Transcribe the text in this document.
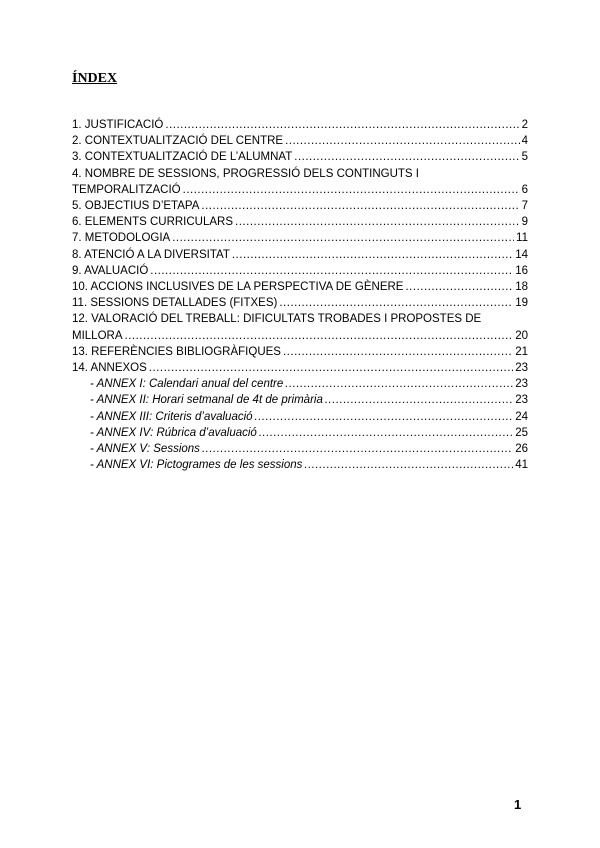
ÍNDEX
1. JUSTIFICACIÓ .....	2
2. CONTEXTUALITZACIÓ DEL CENTRE .....	4
3. CONTEXTUALITZACIÓ DE L’ALUMNAT .....	5
4. NOMBRE DE SESSIONS, PROGRESSIÓ DELS CONTINGUTS I
TEMPORALITZACIÓ .....	6
5. OBJECTIUS D’ETAPA .....	7
6. ELEMENTS CURRICULARS .....	9
7. METODOLOGIA .....	11
8. ATENCIÓ A LA DIVERSITAT .....	14
9. AVALUACIÓ .....	16
10. ACCIONS INCLUSIVES DE LA PERSPECTIVA DE GÈNERE .....	18
11. SESSIONS DETALLADES (FITXES) .....	19
12. VALORACIÓ DEL TREBALL: DIFICULTATS TROBADES I PROPOSTES DE
MILLORA .....	20
13. REFERÈNCIES BIBLIOGRÀFIQUES .....	21
14. ANNEXOS .....	23
- ANNEX I: Calendari anual del centre .....	23
- ANNEX II: Horari setmanal de 4t de primària .....	23
- ANNEX III: Criteris d’avaluació .....	24
- ANNEX IV: Rúbrica d’avaluació .....	25
- ANNEX V: Sessions .....	26
- ANNEX VI: Pictogrames de les sessions .....	41
1
